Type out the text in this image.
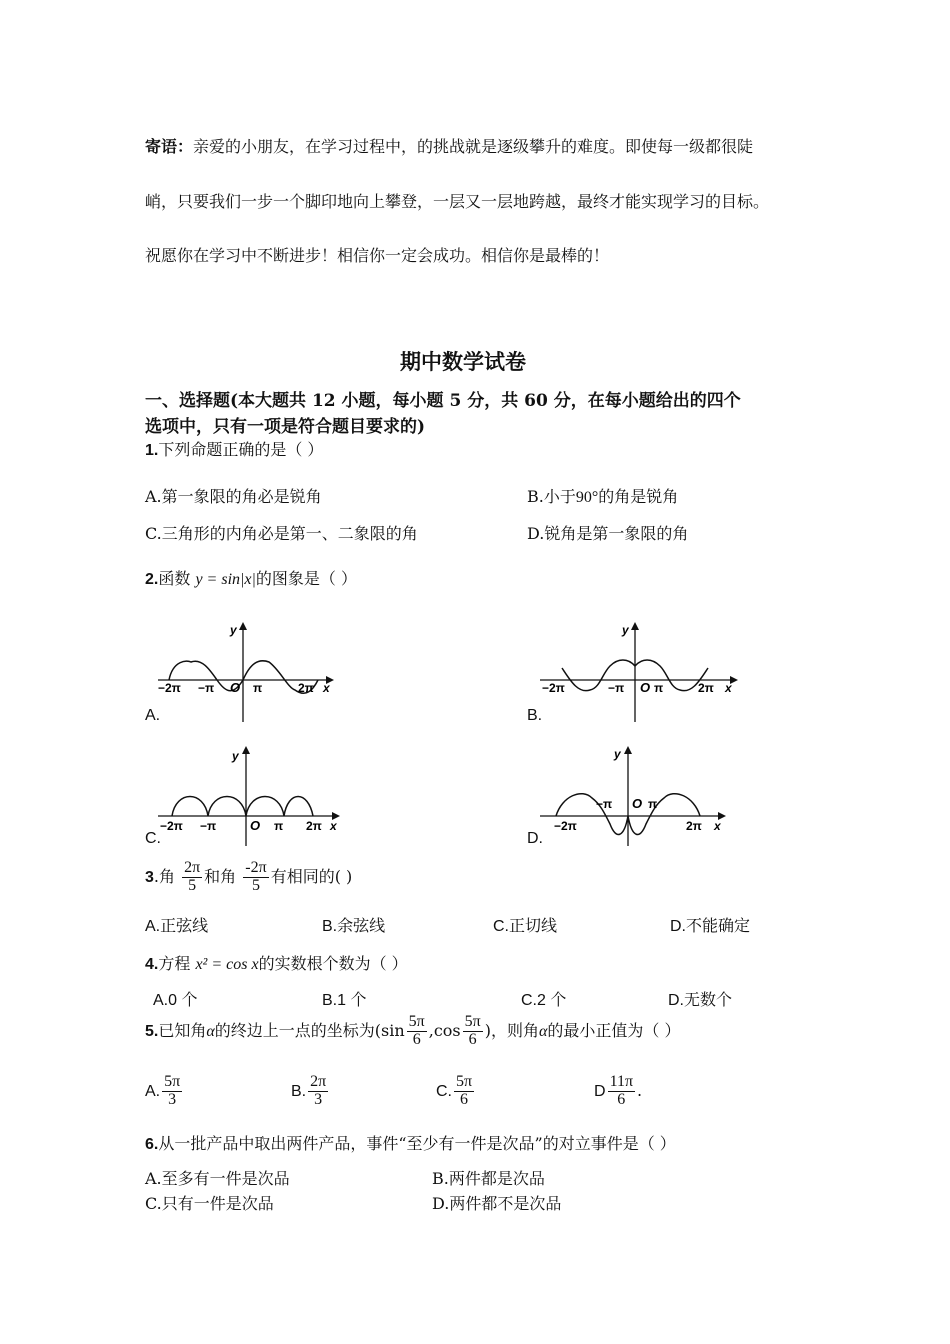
寄语：亲爱的小朋友，在学习过程中，的挑战就是逐级攀升的难度。即使每一级都很陡
峭，只要我们一步一个脚印地向上攀登，一层又一层地跨越，最终才能实现学习的目标。
祝愿你在学习中不断进步！相信你一定会成功。相信你是最棒的！
期中数学试卷
一、选择题(本大题共 12 小题，每小题 5 分，共 60 分，在每小题给出的四个
选项中，只有一项是符合题目要求的)
1.下列命题正确的是（ ）
A.第一象限的角必是锐角	B.小于90°的角是锐角
C.三角形的内角必是第一、二象限的角	D.锐角是第一象限的角
2.函数 y = sin|x|的图象是（ ）
A.
−2π −π O π	2π x
y
B.
−2π	−π O π	2π x
y
C.
−2π −π	O π 2π x
y
D.
−2π
−π O π
2π x
y
3.角 $\frac{2\pi}{5}$ 和角 $\frac{-2\pi}{5}$ 有相同的( )
A.正弦线	B.余弦线	C.正切线	D.不能确定
4.方程 x² = cos x的实数根个数为（ ）
A.0 个	B.1 个	C.2 个	D.无数个
5.已知角α的终边上一点的坐标为($\sin \frac{5\pi}{6} ,\cos \frac{5\pi}{6}$ )，则角α的最小正值为（ ）
A. $\frac{5\pi}{3}$	B. $\frac{2\pi}{3}$	C. $\frac{5\pi}{6}$	D $\frac{11\pi}{6}$ .
6.从一批产品中取出两件产品，事件“至少有一件是次品”的对立事件是（ ）
A.至多有一件是次品	B.两件都是次品
C.只有一件是次品	D.两件都不是次品
